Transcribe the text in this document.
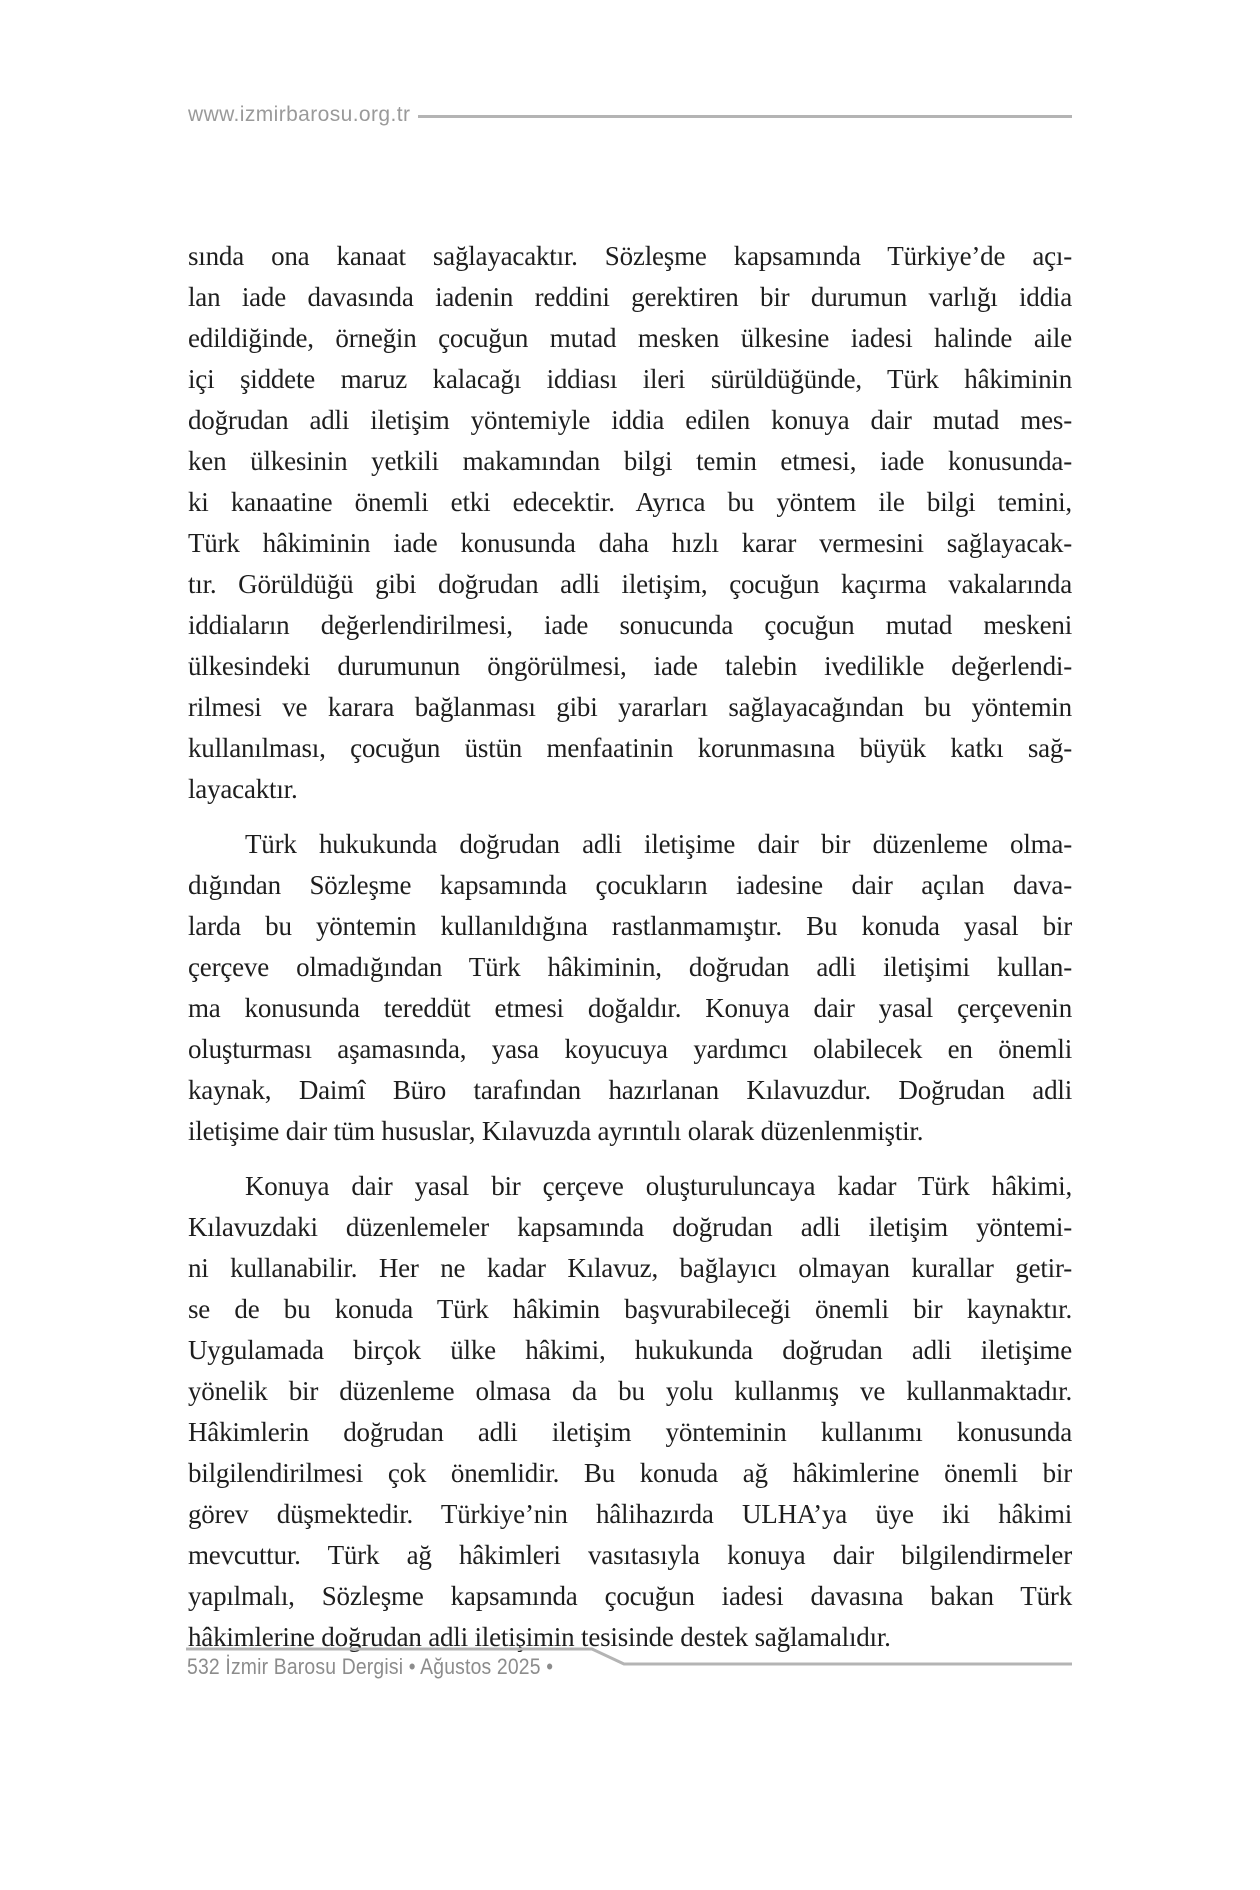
www.izmirbarosu.org.tr
sında ona kanaat sağlayacaktır. Sözleşme kapsamında Türkiye’de açı-
lan iade davasında iadenin reddini gerektiren bir durumun varlığı iddia
edildiğinde, örneğin çocuğun mutad mesken ülkesine iadesi halinde aile
içi şiddete maruz kalacağı iddiası ileri sürüldüğünde, Türk hâkiminin
doğrudan adli iletişim yöntemiyle iddia edilen konuya dair mutad mes-
ken ülkesinin yetkili makamından bilgi temin etmesi, iade konusunda-
ki kanaatine önemli etki edecektir. Ayrıca bu yöntem ile bilgi temini,
Türk hâkiminin iade konusunda daha hızlı karar vermesini sağlayacak-
tır. Görüldüğü gibi doğrudan adli iletişim, çocuğun kaçırma vakalarında
iddiaların değerlendirilmesi, iade sonucunda çocuğun mutad meskeni
ülkesindeki durumunun öngörülmesi, iade talebin ivedilikle değerlendi-
rilmesi ve karara bağlanması gibi yararları sağlayacağından bu yöntemin
kullanılması, çocuğun üstün menfaatinin korunmasına büyük katkı sağ-
layacaktır.
Türk hukukunda doğrudan adli iletişime dair bir düzenleme olma-
dığından Sözleşme kapsamında çocukların iadesine dair açılan dava-
larda bu yöntemin kullanıldığına rastlanmamıştır. Bu konuda yasal bir
çerçeve olmadığından Türk hâkiminin, doğrudan adli iletişimi kullan-
ma konusunda tereddüt etmesi doğaldır. Konuya dair yasal çerçevenin
oluşturması aşamasında, yasa koyucuya yardımcı olabilecek en önemli
kaynak, Daimî Büro tarafından hazırlanan Kılavuzdur. Doğrudan adli
iletişime dair tüm hususlar, Kılavuzda ayrıntılı olarak düzenlenmiştir.
Konuya dair yasal bir çerçeve oluşturuluncaya kadar Türk hâkimi,
Kılavuzdaki düzenlemeler kapsamında doğrudan adli iletişim yöntemi-
ni kullanabilir. Her ne kadar Kılavuz, bağlayıcı olmayan kurallar getir-
se de bu konuda Türk hâkimin başvurabileceği önemli bir kaynaktır.
Uygulamada birçok ülke hâkimi, hukukunda doğrudan adli iletişime
yönelik bir düzenleme olmasa da bu yolu kullanmış ve kullanmaktadır.
Hâkimlerin doğrudan adli iletişim yönteminin kullanımı konusunda
bilgilendirilmesi çok önemlidir. Bu konuda ağ hâkimlerine önemli bir
görev düşmektedir. Türkiye’nin hâlihazırda ULHA’ya üye iki hâkimi
mevcuttur. Türk ağ hâkimleri vasıtasıyla konuya dair bilgilendirmeler
yapılmalı, Sözleşme kapsamında çocuğun iadesi davasına bakan Türk
hâkimlerine doğrudan adli iletişimin tesisinde destek sağlamalıdır.
532 İzmir Barosu Dergisi • Ağustos 2025 •
